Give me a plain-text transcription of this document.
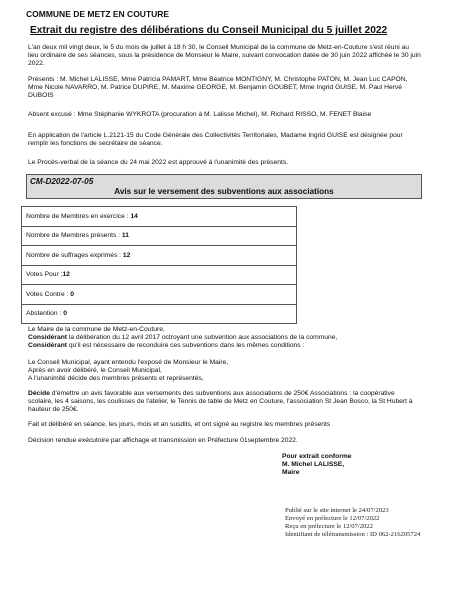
COMMUNE DE METZ EN COUTURE
Extrait du registre des délibérations du Conseil Municipal du 5 juillet 2022
L'an deux mil vingt deux, le 5 du mois de juillet à 18 h 30, le Conseil Municipal de la commune de Metz-en-Couture s'est réuni au lieu ordinaire de ses séances, sous la présidence de Monsieur le Maire, suivant convocation datée de 30 juin 2022 affichée le 30 juin 2022.
Présents : M. Michel LALISSE, Mme Patricia PAMART, Mme Béatrice MONTIGNY, M. Christophe PATON, M. Jean Luc CAPON, Mme Nicole NAVARRO, M. Patrice DUPIRE, M. Maxime GEORGE, M. Benjamin GOUBET, Mme Ingrid GUISE, M. Paul Hervé DUBOIS
Absent excusé : Mme Stéphanie WYKROTA (procuration à M. Lalisse Michel), M. Richard RISSO, M. FENET Blaise
En application de l'article L.2121-15 du Code Générale des Collectivités Territoriales, Madame Ingrid GUISE est désignée pour remplir les fonctions de secrétaire de séance.
Le Procès-verbal de la séance du 24 mai 2022 est approuvé à l'unanimité des présents.
CM-D2022-07-05
Avis sur le versement des subventions aux associations
Nombre de Membres en exercice : 14
Nombre de Membres présents : 11
Nombre de suffrages exprimés : 12
Votes Pour :12
Votes Contre : 0
Abstention : 0
Le Maire de la commune de Metz-en-Couture,
Considérant la délibération du 12 avril 2017 octroyant une subvention aux associations de la commune,
Considérant qu'il est nécessaire de reconduire ces subventions dans les mêmes conditions :
Le Conseil Municipal, ayant entendu l'exposé de Monsieur le Maire,
Après en avoir délibéré, le Conseil Municipal,
A l'unanimité décide des membres présents et représentés,
Décide d'émettre un avis favorable aux versements des subventions aux associations de 250€ Associations : la coopérative scolaire, les 4 saisons, les coulisses de l'atelier, le Tennis de table de Metz en Couture, l'association St Jean Bosco, la St Hubert à hauteur de 250€.
Fait et délibéré en séance, les jours, mois et an susdits, et ont signé au registre les membres présents
Décision rendue exécutoire par affichage et transmission en Préfecture 01septembre 2022.
Pour extrait conforme
M. Michel LALISSE,
Maire
Publié sur le site internet le 24/07/2023
Envoyé en préfecture le 12/07/2022
Reçu en préfecture le 12/07/2022
Identifiant de télétransmission : ID 062-216205724
